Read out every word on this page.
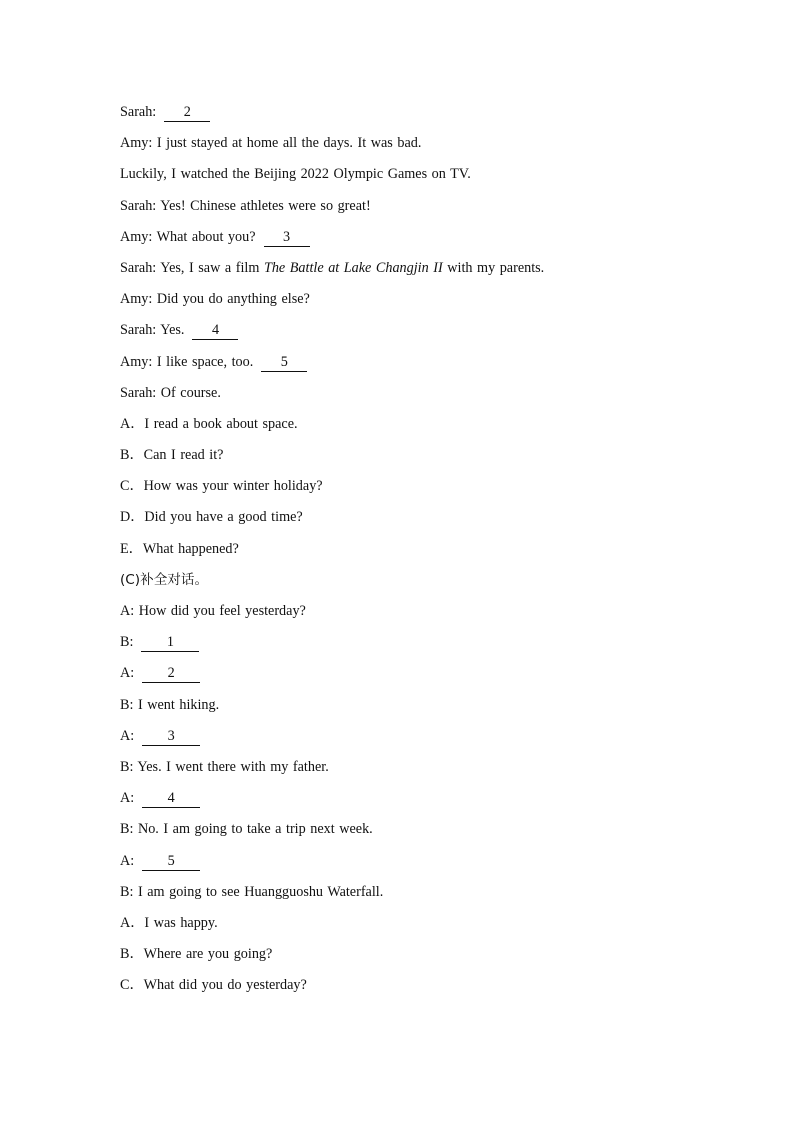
Sarah: 2
Amy: I just stayed at home all the days. It was bad.
Luckily, I watched the Beijing 2022 Olympic Games on TV.
Sarah: Yes! Chinese athletes were so great!
Amy: What about you? 3
Sarah: Yes, I saw a film The Battle at Lake Changjin II with my parents.
Amy: Did you do anything else?
Sarah: Yes. 4
Amy: I like space, too. 5
Sarah: Of course.
A．I read a book about space.
B．Can I read it?
C．How was your winter holiday?
D．Did you have a good time?
E．What happened?
(C)补全对话。
A: How did you feel yesterday?
B: 1
A: 2
B: I went hiking.
A: 3
B: Yes. I went there with my father.
A: 4
B: No. I am going to take a trip next week.
A: 5
B: I am going to see Huangguoshu Waterfall.
A．I was happy.
B．Where are you going?
C．What did you do yesterday?
